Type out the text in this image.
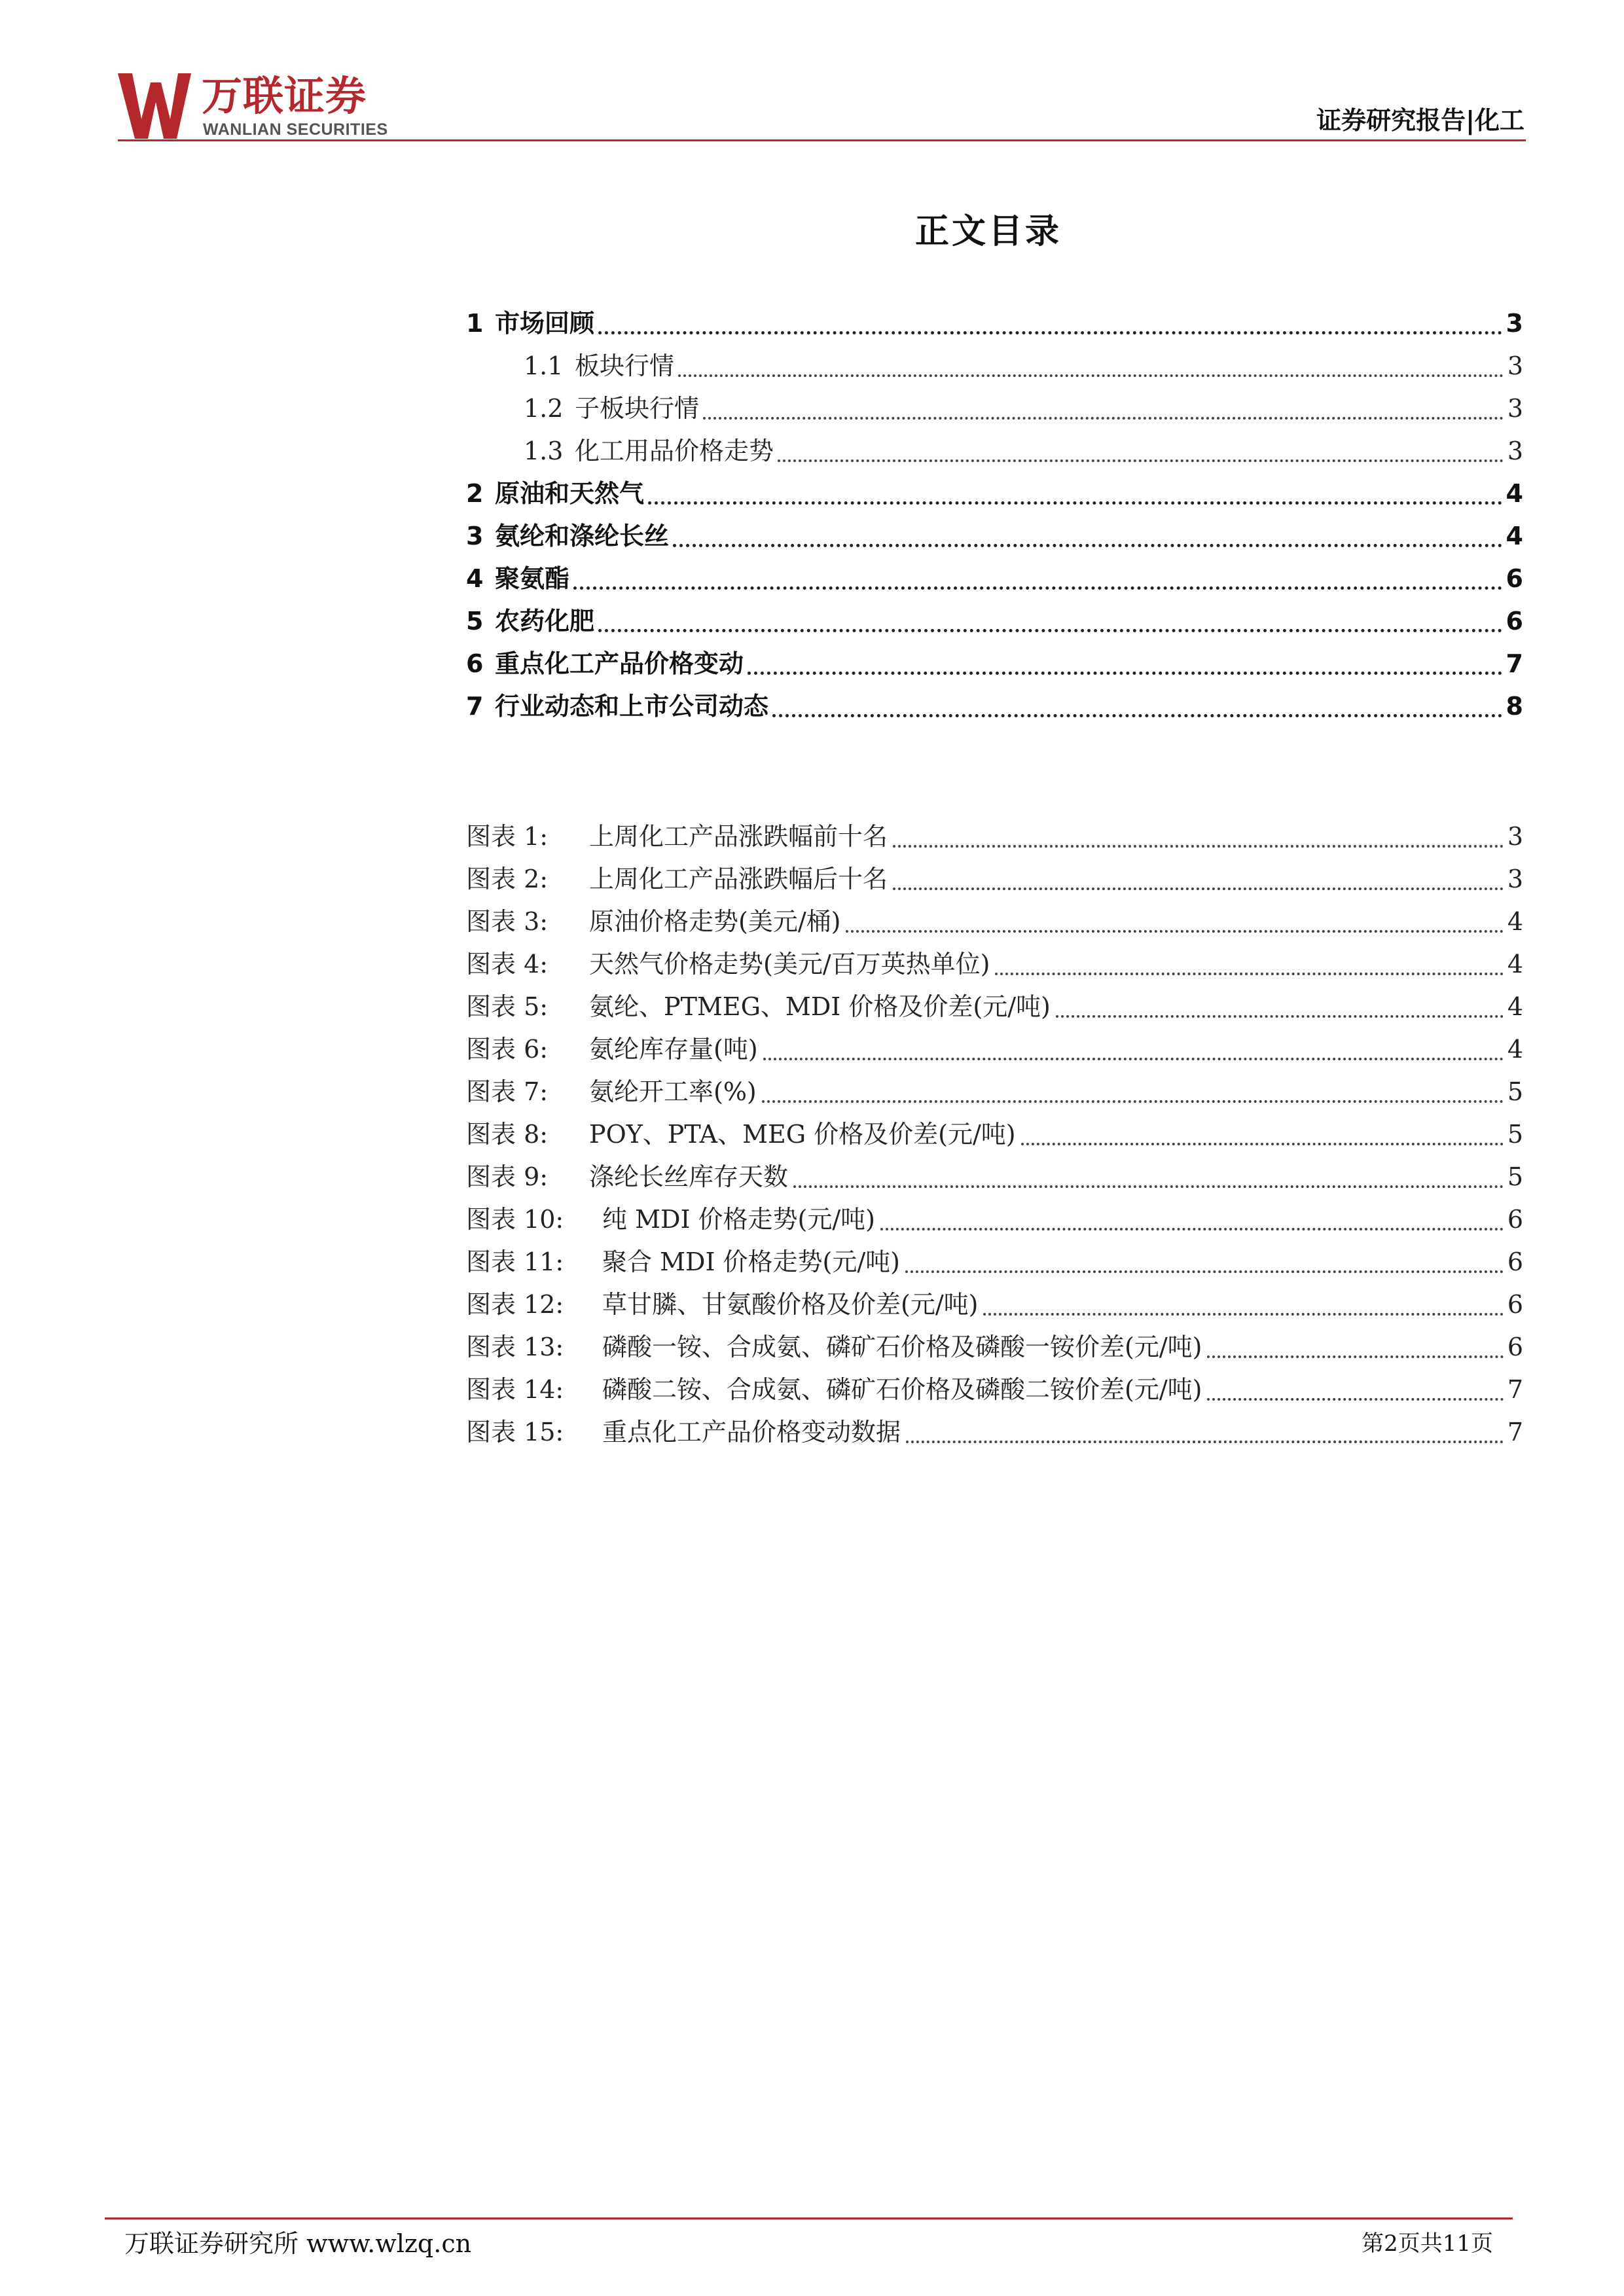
万联证券
WANLIAN SECURITIES	证券研究报告|化工
正文目录
1 市场回顾	3
1.1 板块行情	3
1.2 子板块行情	3
1.3 化工用品价格走势	3
2 原油和天然气	4
3 氨纶和涤纶长丝	4
4 聚氨酯	6
5 农药化肥	6
6 重点化工产品价格变动	7
7 行业动态和上市公司动态	8
图表 1:	上周化工产品涨跌幅前十名	3
图表 2:	上周化工产品涨跌幅后十名	3
图表 3:	原油价格走势(美元/桶)	4
图表 4:	天然气价格走势(美元/百万英热单位)	4
图表 5:	氨纶、PTMEG、MDI 价格及价差(元/吨)	4
图表 6:	氨纶库存量(吨)	4
图表 7:	氨纶开工率(%)	5
图表 8:	POY、PTA、MEG 价格及价差(元/吨)	5
图表 9:	涤纶长丝库存天数	5
图表 10:	纯 MDI 价格走势(元/吨)	6
图表 11:	聚合 MDI 价格走势(元/吨)	6
图表 12:	草甘膦、甘氨酸价格及价差(元/吨)	6
图表 13:	磷酸一铵、合成氨、磷矿石价格及磷酸一铵价差(元/吨)	6
图表 14:	磷酸二铵、合成氨、磷矿石价格及磷酸二铵价差(元/吨)	7
图表 15:	重点化工产品价格变动数据	7
万联证券研究所 www.wlzq.cn	第2页共11页
